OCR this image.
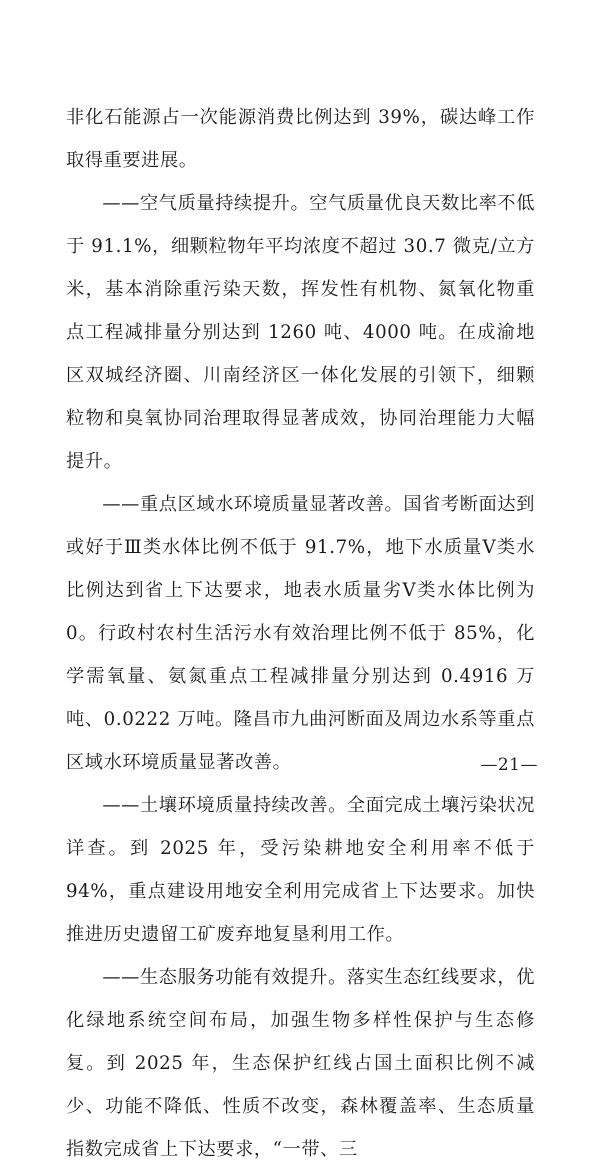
非化石能源占一次能源消费比例达到 39%，碳达峰工作取得重要进展。

——空气质量持续提升。空气质量优良天数比率不低于 91.1%，细颗粒物年平均浓度不超过 30.7 微克/立方米，基本消除重污染天数，挥发性有机物、氮氧化物重点工程减排量分别达到 1260 吨、4000 吨。在成渝地区双城经济圈、川南经济区一体化发展的引领下，细颗粒物和臭氧协同治理取得显著成效，协同治理能力大幅提升。

——重点区域水环境质量显著改善。国省考断面达到或好于Ⅲ类水体比例不低于 91.7%，地下水质量Ⅴ类水比例达到省上下达要求，地表水质量劣Ⅴ类水体比例为 0。行政村农村生活污水有效治理比例不低于 85%，化学需氧量、氨氮重点工程减排量分别达到 0.4916 万吨、0.0222 万吨。隆昌市九曲河断面及周边水系等重点区域水环境质量显著改善。

——土壤环境质量持续改善。全面完成土壤污染状况详查。到 2025 年，受污染耕地安全利用率不低于 94%，重点建设用地安全利用完成省上下达要求。加快推进历史遗留工矿废弃地复垦利用工作。

——生态服务功能有效提升。落实生态红线要求，优化绿地系统空间布局，加强生物多样性保护与生态修复。到 2025 年，生态保护红线占国土面积比例不减少、功能不降低、性质不改变，森林覆盖率、生态质量指数完成省上下达要求，“一带、三

—21—
